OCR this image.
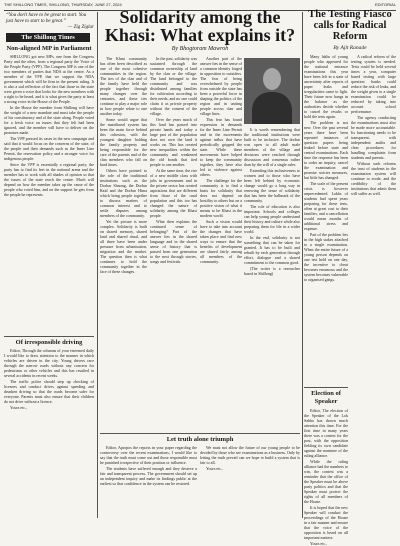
THE SHILLONG TIMES, SHILLONG, THURSDAY, JUNE 27, 2024	EDITORIAL
“You don't have to be great to start. You just have to start to be great.”
— Zig Ziglar
The Shillong Times
Non-aligned MP in Parliament

SHILLONG got new MPs, one from the Congress Party and the other, from a regional party the Voice of the People Party (VPP). The Congress MP is one of the two members of parties that NDA at the centre. As a member of the VPP, that we support the NDA government which will be firm in the present ruling. It is also a sad reflection of the fact that those in the state were given a voice that looks for the new members with a right to be heard, and it is what gives the party at least a strong voice in the House of the People.

In the House the member from Shillong will have the weight of a new mandate and must take the people of his constituency and of the state along. People voted for a fresh voice on issues that they felt had been ignored, and the member will have to deliver on the promises made.

The VPP pressed its cases in the new campaign and said that it would focus on the concerns of the state, of the people and their demands such as the Inner Line Permit, the reservation policy and a stronger voice for indigenous people.

Since the VPP is essentially a regional party, the party has to find its feet in the national arena and the member has to work with all shades of opinion so that the issues of the state reach the centre. Much will depend on how the member takes up the cause of the people who voted him, and on the support he gets from the people he represents.

Of irresponsible driving

Editor, Through the columns of your esteemed daily I would like to draw attention to the manner in which vehicles are driven in the city. Young drivers race through the narrow roads without any concern for pedestrians or other vehicles and this has resulted in several accidents in recent weeks.

The traffic police should step up checking of licences and conduct drives against speeding and drunken driving so that the roads become safer for everyone. Parents must also ensure that their children do not drive without a licence.

Yours etc.,

Solidarity among the Khasi: What explains it?
By Bhogtoram Mawroh

The Khasi community has often been described as one of the most cohesive communities in the region. The ties of the clan and of the family have held the people together through many changes over the centuries, and these ties continue to play a major role in how people relate to one another today.

Some would argue that the matrilineal system has been the main force behind this cohesion, with the youngest daughter holding the family property and being responsible for the care of the parents and of the clan members who fall on hard times.

Others have pointed to the role of the traditional institutions such as the Dorbar Shnong, the Dorbar Raid and the Dorbar Hima which bring people together to discuss matters of common interest and to settle disputes among members of the community.

Yet the picture is more complex. Solidarity is built on shared memory, shared land and shared ritual, and all three have been under pressure from urbanisation, migration and the market. The question then is what continues to hold the community together in the face of these changes.

In the past, solidarity was sustained through the common ownership of land by the clan or the village. The land belonged to the community and was distributed among families for cultivation according to their needs, and no one could claim it as private property without the consent of the village.

Over the years much of this land has passed into private hands and today a large part of the population does not own the land it works on. This has created new inequalities within the community and weakened the old bonds that tied people to one another.

At the same time, the rise of a new middle class with jobs in government and in the private sector has created aspirations that are different from those of the rural population and this too has changed the nature of solidarity among the Khasi people.

What then explains the continued sense of belonging? Part of the answer lies in the shared language and in the shared sense of history that is passed from one generation to the next through stories, songs and festivals.

Another part of the answer lies in the sense of a common identity forged in opposition to outsiders. The fear of being overwhelmed by people from outside the state has been a powerful force in shaping the politics of the region and in uniting people across clan and village lines.

This fear has found expression in demands for the Inner Line Permit and in the movements against influx that have periodically gripped the state. While these movements have helped to keep the community together, they have also led to violence against others.

The challenge for the community is to find a basis for solidarity that does not depend on hostility to others but on a positive vision of what it means to be Khasi in the modern world.

Such a vision would have to take into account the changes that have taken place and find new ways to ensure that the benefits of development are shared fairly among all members of the community.

It is worth remembering that the traditional institutions were built to be inclusive. The dorbar was open to all adult male members of the village and decisions were reached through discussion and consensus rather than by the will of a single ruler.

Extending this inclusiveness to women and to those who have been left behind by economic change would go a long way in renewing the sense of solidarity that has been the hallmark of the community.

The role of education is also important. Schools and colleges can help young people understand their history and culture while also preparing them for life in a wider world.

In the end, solidarity is not something that can be taken for granted. It has to be built and rebuilt by each generation through effort, dialogue and a shared commitment to the common good.

(The writer is a researcher based in Shillong)

Let truth alone triumph

Editor, Apropos the reports in your paper regarding the controversy over the recent examinations, I would like to say that the truth must come out and those responsible must be punished irrespective of their position or influence.

The students have suffered enough and they deserve a fair and transparent process. The government should set up an independent inquiry and make its findings public at the earliest so that confidence in the system can be restored.

We must not allow the future of our young people to be decided by those who see examinations as a business. Only by letting the truth prevail can we hope to build a system that is fair to all.

Yours etc.,

The Testing Fiasco calls for Radical Reform
By Ajit Ranade

Many lakhs of young people who appeared for the national entrance examinations this year have been left in a state of uncertainty after reports of paper leaks and irregularities came to light. Their future now hangs in the balance as the authorities decide whether to cancel the results or hold the tests again.

The problem is not new. Over the past several years there have been repeated instances of question papers being leaked before state and central examinations. Each time the response has been to order an inquiry, cancel the examination and promise stricter measures, but little has changed.

The scale of the present crisis is however unprecedented. Lakhs of students had spent years preparing for these tests, often at great cost to their families, and a cancellation would mean months of additional stress and expense.

Part of the problem lies in the high stakes attached to a single examination. When the entire future of a young person depends on one test held on one day, the incentive to cheat becomes enormous and the system becomes vulnerable to organised gangs.

A radical reform of the testing system is needed. Tests could be held several times a year, computer based testing with large question banks could reduce the risk of leaks, and the weight given to a single examination could be reduced by taking into account school performance.

The agency conducting the examinations must also be made more accountable. Its functioning needs to be transparent, with independent audits and clear procedures for handling complaints from students and parents.

Without such reforms the trust of students in the examination system will continue to erode, and the credibility of the institutions that admit them will suffer as well.

Election of Speaker

Editor, The election of the Speaker of the Lok Sabha has drawn much attention this time. For the first time in many years there was a contest for the post, with the opposition fielding its own candidate against the nominee of the ruling alliance.

While the ruling alliance had the numbers to win, the contest was a reminder that the office of the Speaker must be above party politics and that the Speaker must protect the rights of all members of the House.

It is hoped that the new Speaker will conduct the proceedings of the House in a fair manner and ensure that the voice of the opposition is heard on all important matters.

Yours etc.,
